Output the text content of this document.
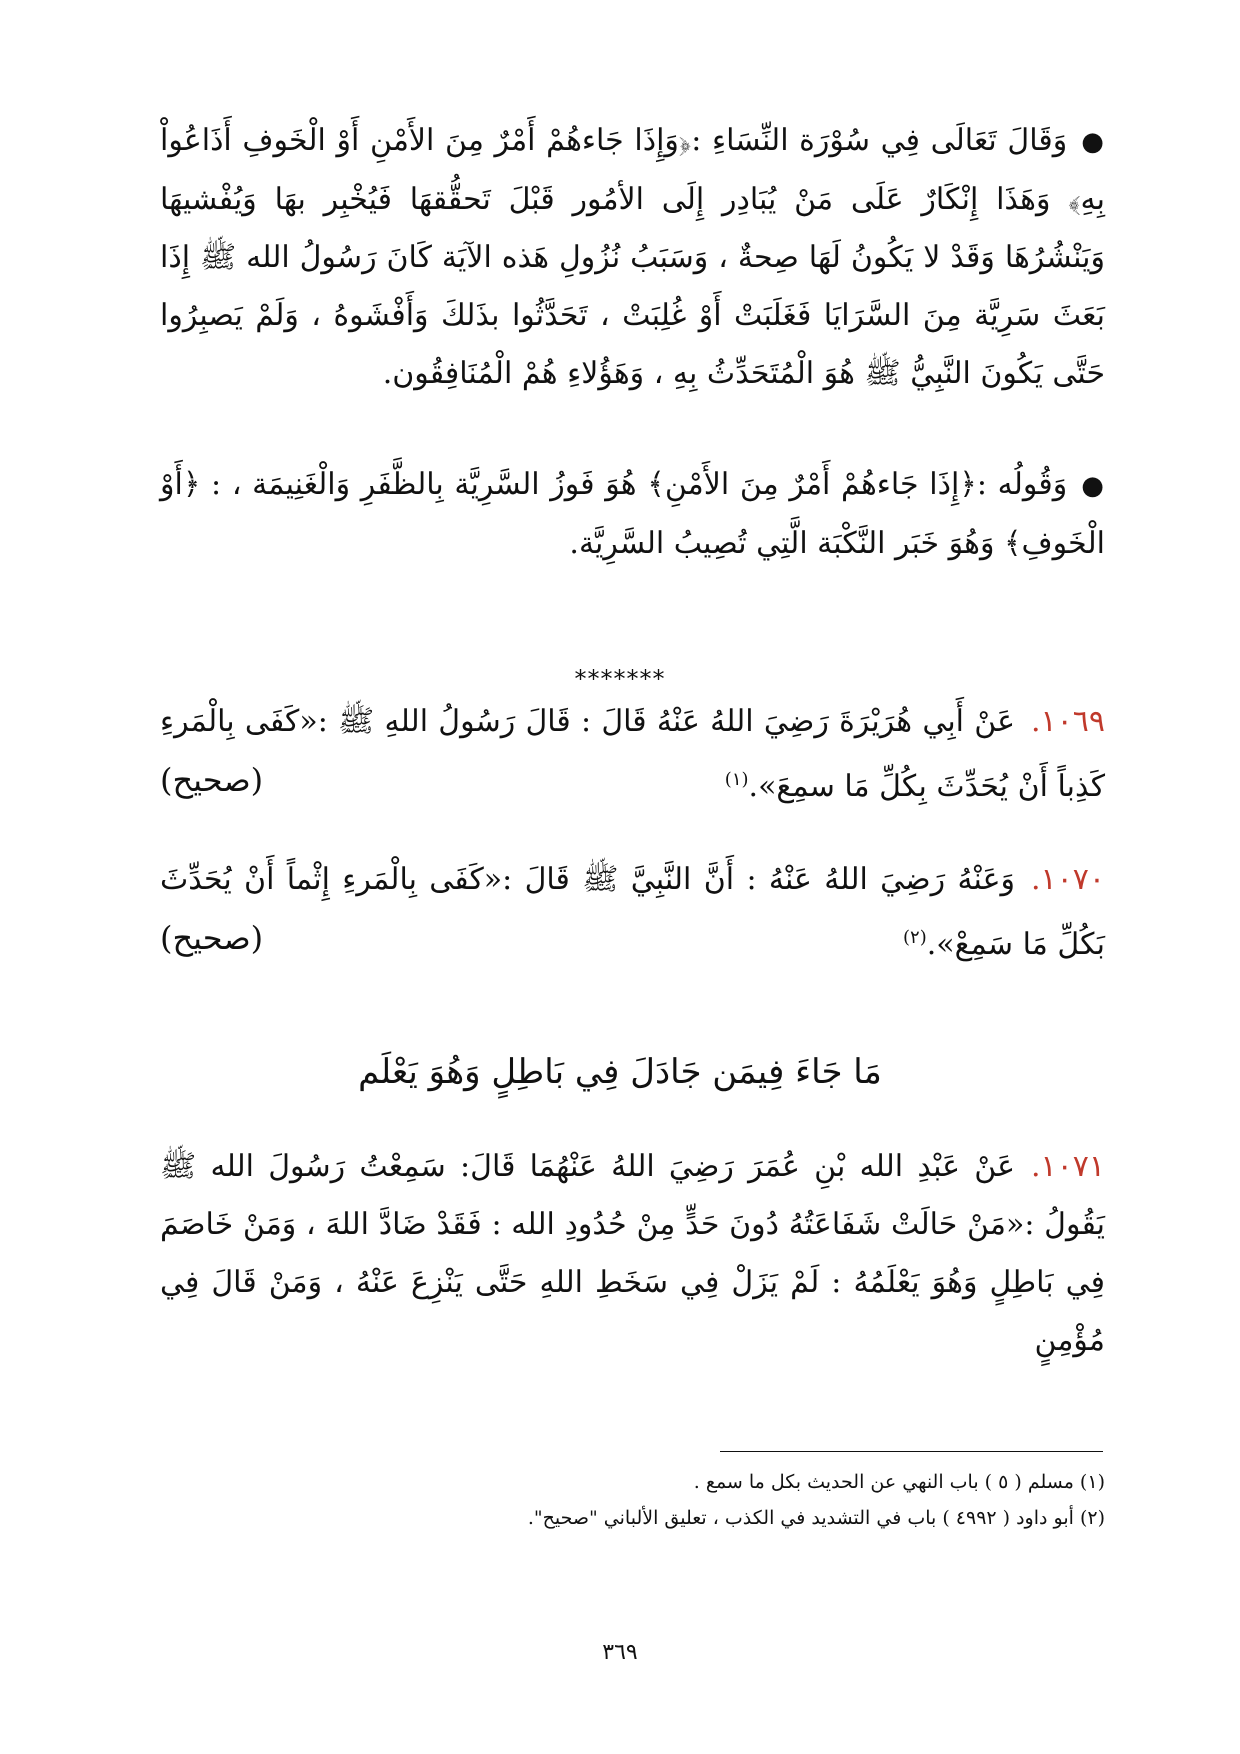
●وَقَالَ تَعَالَى فِي سُوْرَة النِّسَاءِ :﴿وَإِذَا جَاءهُمْ أَمْرٌ مِنَ الأَمْنِ أَوْ الْخَوفِ أَذَاعُواْ بِهِ﴾ وَهَذَا إِنْكَارٌ عَلَى مَنْ يُبَادِر إِلَى الأمُور قَبْلَ تَحقُّقهَا فَيُخْبِر بهَا وَيُفْشيهَا وَيَنْشُرُهَا وَقَدْ لا يَكُونُ لَهَا صِحةٌ ، وَسَبَبُ نُزُولِ هَذه الآيَة كَانَ رَسُولُ الله ﷺ إِذَا بَعَثَ سَرِيَّة مِنَ السَّرَايَا فَغَلَبَتْ أَوْ غُلِبَتْ ، تَحَدَّثُوا بذَلكَ وَأَفْشَوهُ ، وَلَمْ يَصبِرُوا حَتَّى يَكُونَ النَّبِيُّ ﷺ هُوَ الْمُتَحَدِّثُ بِهِ ، وَهَؤُلاءِ هُمْ الْمُنَافِقُون.

●وَقُولُه :﴿إِذَا جَاءهُمْ أَمْرٌ مِنَ الأَمْنِ﴾ هُوَ فَوزُ السَّرِيَّة بِالظَّفَرِ وَالْغَنِيمَة ، : ﴿أَوْ الْخَوفِ﴾ وَهُوَ خَبَر النَّكْبَة الَّتِي تُصِيبُ السَّرِيَّة.

*******

١٠٦٩.عَنْ أَبِي هُرَيْرَةَ رَضِيَ اللهُ عَنْهُ قَالَ : قَالَ رَسُولُ اللهِ ﷺ :«كَفَى بِالْمَرءِ كَذِباً أَنْ يُحَدِّثَ بِكُلِّ مَا سمِعَ».$^{(١)}$

(صحيح)

١٠٧٠.وَعَنْهُ رَضِيَ اللهُ عَنْهُ : أَنَّ النَّبِيَّ ﷺ قَالَ :«كَفَى بِالْمَرءِ إِثْماً أَنْ يُحَدِّثَ بَكُلِّ مَا سَمِعْ».$^{(٢)}$

(صحيح)
مَا جَاءَ فِيمَن جَادَلَ فِي بَاطِلٍ وَهُوَ يَعْلَم

١٠٧١.عَنْ عَبْدِ الله بْنِ عُمَرَ رَضِيَ اللهُ عَنْهُمَا قَالَ: سَمِعْتُ رَسُولَ الله ﷺ يَقُولُ :«مَنْ حَالَتْ شَفَاعَتُهُ دُونَ حَدٍّ مِنْ حُدُودِ الله : فَقَدْ ضَادَّ اللهَ ، وَمَنْ خَاصَمَ فِي بَاطِلٍ وَهُوَ يَعْلَمُهُ : لَمْ يَزَلْ فِي سَخَطِ اللهِ حَتَّى يَنْزِعَ عَنْهُ ، وَمَنْ قَالَ فِي مُؤْمِنٍ

(١) مسلم ( ٥ ) باب النهي عن الحديث بكل ما سمع .

(٢) أبو داود ( ٤٩٩٢ ) باب في التشديد في الكذب ، تعليق الألباني "صحيح".

٣٦٩
